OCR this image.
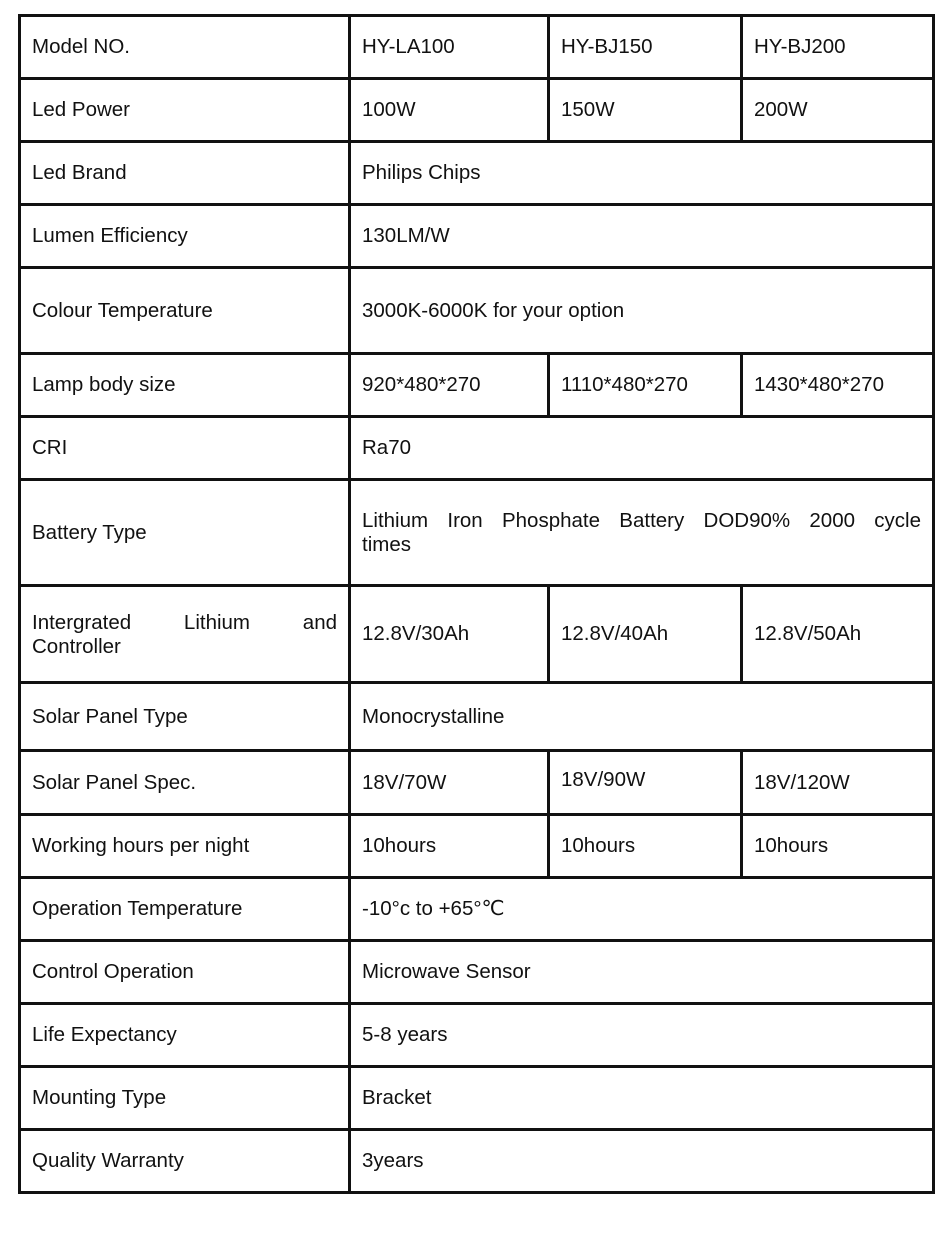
Model NO.	HY-LA100	HY-BJ150	HY-BJ200
Led Power	100W	150W	200W
Led Brand	Philips Chips		
Lumen Efficiency	130LM/W		
Colour Temperature	3000K-6000K for your option		
Lamp body size	920*480*270	1110*480*270	1430*480*270
CRI	Ra70		
Battery Type	Lithium Iron Phosphate Battery DOD90% 2000 cycle
times		

Intergrated Lithium and
Controller	12.8V/30Ah	12.8V/40Ah	12.8V/50Ah
Solar Panel Type	Monocrystalline		
Solar Panel Spec.	18V/70W	18V/90W	18V/120W
Working hours per night	10hours	10hours	10hours
Operation Temperature	-10°c to +65°℃		
Control Operation	Microwave Sensor		
Life Expectancy	5-8 years		
Mounting Type	Bracket		
Quality Warranty	3years		
